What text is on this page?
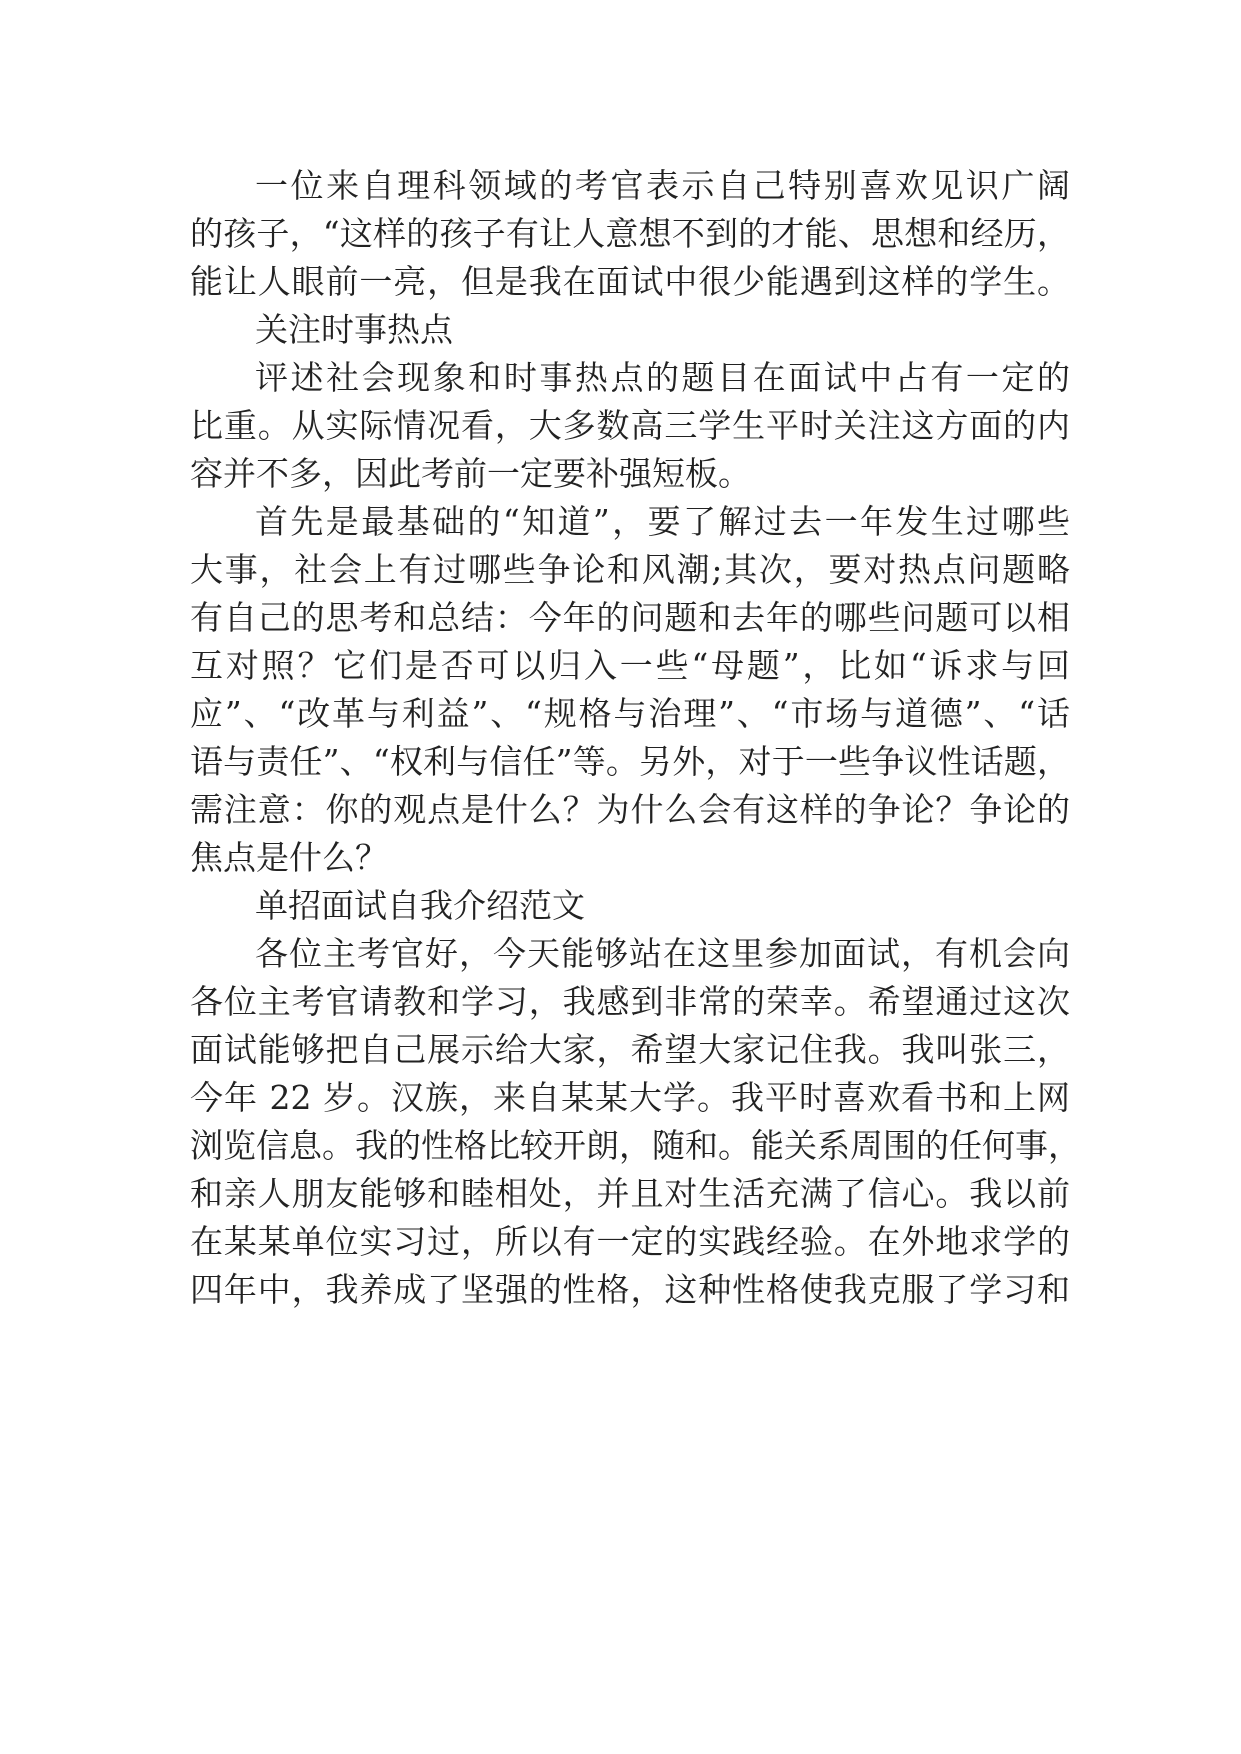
一位来自理科领域的考官表示自己特别喜欢见识广阔
的孩子，“这样的孩子有让人意想不到的才能、思想和经历，
能让人眼前一亮，但是我在面试中很少能遇到这样的学生。
关注时事热点
评述社会现象和时事热点的题目在面试中占有一定的
比重。从实际情况看，大多数高三学生平时关注这方面的内
容并不多，因此考前一定要补强短板。
首先是最基础的“知道”，要了解过去一年发生过哪些
大事，社会上有过哪些争论和风潮;其次，要对热点问题略
有自己的思考和总结：今年的问题和去年的哪些问题可以相
互对照？它们是否可以归入一些“母题”，比如“诉求与回
应”、“改革与利益”、“规格与治理”、“市场与道德”、“话
语与责任”、“权利与信任”等。另外，对于一些争议性话题，
需注意：你的观点是什么？为什么会有这样的争论？争论的
焦点是什么？
单招面试自我介绍范文
各位主考官好，今天能够站在这里参加面试，有机会向
各位主考官请教和学习，我感到非常的荣幸。希望通过这次
面试能够把自己展示给大家，希望大家记住我。我叫张三，
今年 22 岁。汉族，来自某某大学。我平时喜欢看书和上网
浏览信息。我的性格比较开朗，随和。能关系周围的任何事，
和亲人朋友能够和睦相处，并且对生活充满了信心。我以前
在某某单位实习过，所以有一定的实践经验。在外地求学的
四年中，我养成了坚强的性格，这种性格使我克服了学习和
